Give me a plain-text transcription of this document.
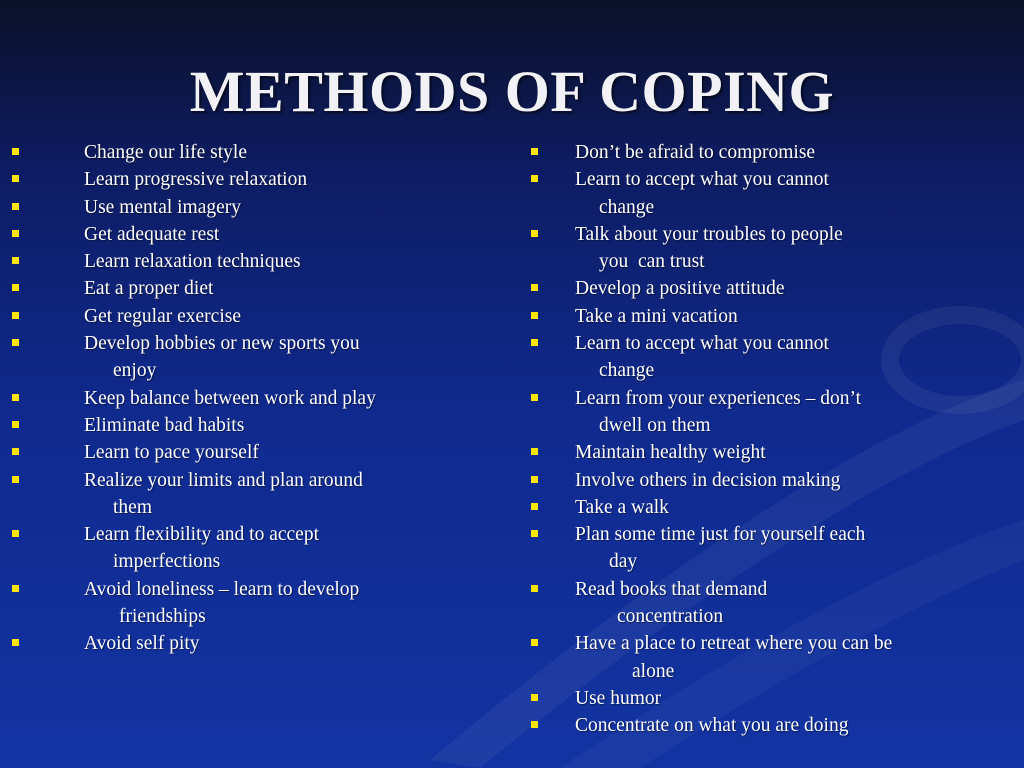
METHODS OF COPING
Change our life style
Learn progressive relaxation
Use mental imagery
Get adequate rest
Learn relaxation techniques
Eat a proper diet
Get regular exercise
Develop hobbies or new sports you
enjoy
Keep balance between work and play
Eliminate bad habits
Learn to pace yourself
Realize your limits and plan around
them
Learn flexibility and to accept
imperfections
Avoid loneliness – learn to develop
friendships
Avoid self pity
Don’t be afraid to compromise
Learn to accept what you cannot
change
Talk about your troubles to people
you  can trust
Develop a positive attitude
Take a mini vacation
Learn to accept what you cannot
change
Learn from your experiences – don’t
dwell on them
Maintain healthy weight
Involve others in decision making
Take a walk
Plan some time just for yourself each
day
Read books that demand
concentration
Have a place to retreat where you can be
alone
Use humor
Concentrate on what you are doing
